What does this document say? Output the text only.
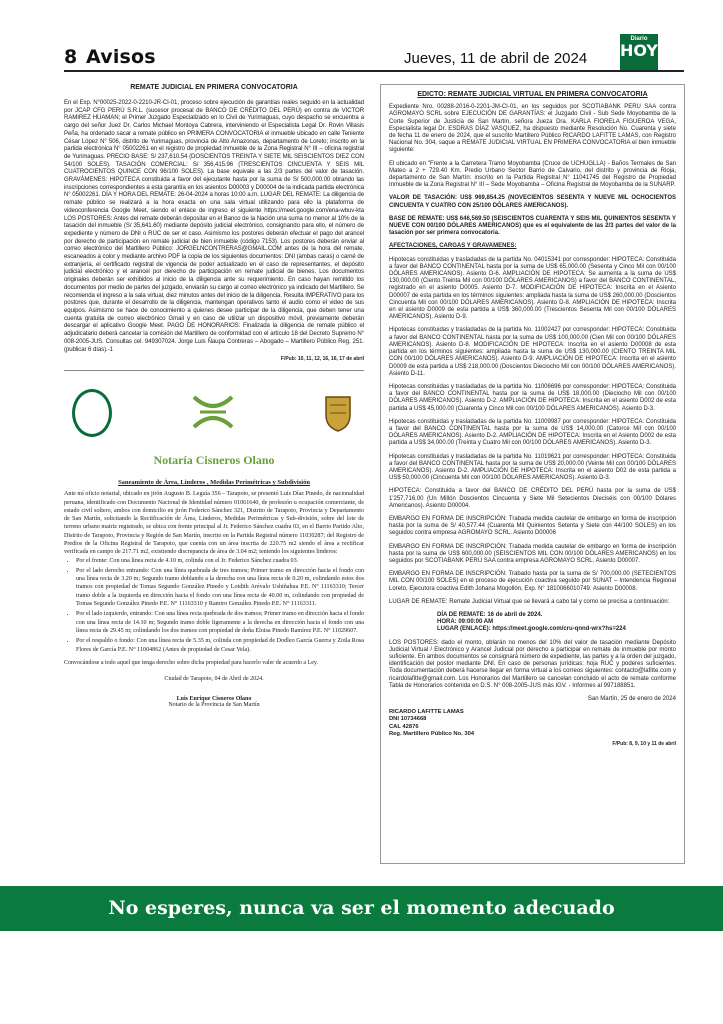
8 Avisos	Jueves, 11 de abril de 2024
Diario
HOY
REMATE JUDICIAL EN PRIMERA CONVOCATORIA
En el Exp. N°00025-2022-0-2210-JR-CI-01, proceso sobre ejecución de garantías reales seguido en la actualidad por JCAP CFG PERÚ S.R.L. (sucesor procesal de BANCO DE CRÉDITO DEL PERÚ) en contra de VICTOR RAMIREZ HUAMAN; el Primer Juzgado Especializado en lo Civil de Yurimaguas, cuyo despacho se encuentra a cargo del señor Juez Dr. Carlos Michael Montoya Cabrera, interviniendo el Especialista Legal Dr. Rovin Villasis Peña, ha ordenado sacar a remate público en PRIMERA CONVOCATORIA el inmueble ubicado en calle Teniente César López N° 506, distrito de Yurimaguas, provincia de Alto Amazonas, departamento de Loreto; inscrito en la partida electrónica N° 05002261 en el registro de propiedad inmueble de la Zona Registral N° III – oficina registral de Yurimaguas. PRECIO BASE: S/ 237,610.54 (DOSCIENTOS TREINTA Y SIETE MIL SEISCIENTOS DIEZ CON 54/100 SOLES). TASACIÓN COMERCIAL: S/ 356,415.96 (TRESCIENTOS CINCUENTA Y SEIS MIL CUATROCIENTOS QUINCE CON 96/100 SOLES). La base equivale a las 2/3 partes del valor de tasación. GRAVÁMENES: HIPOTECA constituida a favor del ejecutante hasta por la suma de S/ 500,000.00 obrando las inscripciones correspondientes a esta garantía en los asientos D00003 y D00004 de la indicada partida electrónica N° 05002261. DÍA Y HORA DEL REMATE: 26-04-2024 a horas 10:00 a.m. LUGAR DEL REMATE: La diligencia de remate público se realizará a la hora exacta en una sala virtual utilizando para ello la plataforma de videoconferencia Google Meet, siendo el enlace de ingreso el siguiente https://meet.google.com/ena-wbuv-kta LOS POSTORES: Antes del remate deberán depositar en el Banco de la Nación una suma no menor al 10% de la tasación del inmueble (S/ 35,641.60) mediante depósito judicial electrónico, consignando para ello, el número de expediente y número de DNI o RUC de ser el caso. Asimismo los postores deberán efectuar el pago del arancel por derecho de participación en remate judicial de bien inmueble (código 7153). Los postores deberán enviar al correo electrónico del Martillero Público: JORGELNCONTRERAS@GMAIL.COM antes de la hora del remate, escaneados a color y mediante archivo PDF la copia de los siguientes documentos: DNI (ambas caras) o carné de extranjería, el certificado registral de vigencia de poder actualizado en el caso de representantes, el depósito judicial electrónico y el arancel por derecho de participación en remate judicial de bienes. Los documentos originales deberán ser exhibidos al inicio de la diligencia ante su requerimiento. En caso hayan remitido los documentos por medio de partes del juzgado, enviarán su cargo al correo electrónico ya indicado del Martillero. Se recomienda el ingreso a la sala virtual, diez minutos antes del inicio de la diligencia. Resulta IMPERATIVO para los postores que, durante el desarrollo de la diligencia, mantengan operativos tanto el audio como el video de sus equipos. Asimismo se hace de conocimiento a quienes desee participar de la diligencia, que deben tener una cuenta gratuita de correo electrónico Gmail y en caso de utilizar un dispositivo móvil, previamente deberán descargar el aplicativo Google Meet. PAGO DE HONORARIOS: Finalizada la diligencia de remate público el adjudicatario deberá cancelar la comisión del Martillero de conformidad con el artículo 18 del Decreto Supremo N° 008-2005-JUS. Consultas cel. 949307024. Jorge Luis Ñaupa Contreras – Abogado – Martillero Público Reg. 251. (publicar 6 días).-1
F/Pub: 10, 11, 12, 16, 16, 17 de abril
Notaría Cisneros Olano
Saneamiento de Área, Linderos , Medidas Perimétricas y Subdivisión
Ante mí oficio notarial, ubicado en jirón Augusto B. Leguía 356 – Tarapoto, se presentó Luis Díaz Pinedo, de nacionalidad peruana, identificado con Documento Nacional de Identidad número 01061640, de profesión u ocupación comerciante, de estado civil soltero, ambos con domicilio en jirón Federico Sánchez 321, Distrito de Tarapoto, Provincia y Departamento de San Martín, solicitando la Rectificación de Área, Linderos, Medidas Perimétricas y Sub-división, sobre del lote de terreno urbano matriz registrado, se ubica con frente principal al Jr. Federico Sánchez cuadra 03, en el Barrio Partido Alto, Distrito de Tarapoto, Provincia y Región de San Martín, inscrito en la Partida Registral número 11030287; del Registro de Predios de la Oficina Registral de Tarapoto, que cuenta con un área inscrita de 220.75 m2 siendo el área a rectificar verificada en campo de 217.71 m2, existiendo discrepancia de área de 3.04 m2; teniendo los siguientes linderos:
• Por el frente: Con una línea recta de 4.10 m, colinda con el Jr. Federico Sánchez cuadra 03.
• Por el lado derecho entrando: Con una línea quebrada de tres tramos; Primer tramo en dirección hacia el fondo con una línea recta de 3.20 m; Segundo tramo doblando a la derecha con una línea recta de 0.20 m, colindando estos dos tramos con propiedad de Tomas Segundo González Pinedo y Loidith Arévalo Ushiñahua P.E. N° 11163310; Tercer tramo doble a la izquierda en dirección hacia el fondo con una línea recta de 40.00 m, colindando con propiedad de Tomas Segundo González Pinedo P.E. N° 11163310 y Ramiro González Pinedo P.E. N° 11163311.
• Por el lado izquierdo, entrando: Con una línea recta quebrada de dos tramos; Primer tramo en dirección hacia el fondo con una línea recta de 14.10 m; Segundo tramo doble ligeramente a la derecha en dirección hacia el fondo con una línea recta de 29.45 m; colindando los dos tramos con propiedad de doña Eloisa Pinedo Ramírez P.E. N° 11029607.
• Por el respaldo o fondo: Con una línea recta de 5.35 m, colinda con propiedad de Dodleo García Guerra y Zoila Rosa Flores de García P.E. N° 11004862 (Antes de propiedad de Cesar Vela).
Convocándose a todo aquel que tenga derecho sobre dicha propiedad para hacerlo valer de acuerdo a Ley.
Ciudad de Tarapoto, 04 de Abril de 2024.
Luis Enrique Cisneros Olano
Notario de la Provincia de San Martín
EDICTO: REMATE JUDICIAL VIRTUAL EN PRIMERA CONVOCATORIA
Expediente Nro. 00288-2016-0-2201-JM-CI-01, en los seguidos por SCOTIABANK PERU SAA contra AGROMAYO SCRL sobre EJECUCIÓN DE GARANTÍAS: el Juzgado Civil - Sub Sede Moyobamba de la Corte Superior de Justicia de San Martín, señora Jueza Dra. KARLA FIORELA FIGUEROA VEGA, Especialista legal Dr. ESDRAS DÍAZ VASQUEZ, ha dispuesto mediante Resolución No. Cuarenta y siete de fecha 11 de enero de 2024, que el suscrito Martillero Público RICARDO LAFITTE LAMAS, con Registro Nacional No. 304, saque a REMATE JUDICIAL VIRTUAL EN PRIMERA CONVOCATORIA el bien inmueble siguiente:
El ubicado en "Frente a la Carretera Tramo Moyobamba (Cruce de UCHUGLLA) - Baños Termales de San Mateo a 2 + 729.40 Km. Predio Urbano Sector Barrio de Calvario, del distrito y provincia de Rioja, departamento de San Martín: inscrito en la Partida Registral N° 11041745 del Registro de Propiedad Inmueble de la Zona Registral N° III – Sede Moyobamba – Oficina Registral de Moyobamba de la SUNARP.
VALOR DE TASACIÓN: US$ 969,854.25 (NOVECIENTOS SESENTA Y NUEVE MIL OCHOCIENTOS CINCUENTA Y CUATRO CON 25/100 DÓLARES AMERICANOS).
BASE DE REMATE: US$ 646,569.50 (SEISCIENTOS CUARENTA Y SEIS MIL QUINIENTOS SESENTA Y NUEVE CON 00/100 DÓLARES AMERICANOS) que es el equivalente de las 2/3 partes del valor de la tasación por ser primera convocatoria.
AFECTACIONES, CARGAS Y GRAVAMENES:
Hipotecas constituidas y trasladadas de la partida No. 04015341 por corresponder: HIPOTECA: Constituida a favor del BANCO CONTINENTAL hasta por la suma de US$ 65,000.00 (Sesenta y Cinco Mil con 00/100 DÓLARES AMERICANOS). Asiento D-6. AMPLIACIÓN DE HIPOTECA: Se aumenta a la suma de US$ 130,000.00 (Ciento Treinta Mil con 00/100 DÓLARES AMERICANOS) a favor del BANCO CONTINENTAL, registrado en el asiento D0005. Asiento D-7. MODIFICACIÓN DE HIPOTECA: Inscrita en el Asiento D00007 de esta partida en los términos siguientes: ampliada hasta la suma de US$ 260,000.00 (Doscientos Cincuenta Mil con 00/100 DÓLARES AMERICANOS). Asiento D-8. AMPLIACIÓN DE HIPOTECA: Inscrita en el asiento D0009 de esta partida a US$ 360,000.00 (Trescientos Sesenta Mil con 00/100 DÓLARES AMERICANOS). Asiento D-9.
Hipotecas constituidas y trasladadas de la partida No. 11002427 por corresponder: HIPOTECA: Constituida a favor del BANCO CONTINENTAL hasta por la suma de US$ 100,000.00 (Cien Mil con 00/100 DÓLARES AMERICANOS). Asiento D-8. MODIFICACIÓN DE HIPOTECA: Inscrita en el asiento D00008 de esta partida en los términos siguientes: ampliada hasta la suma de US$ 130,000.00 (CIENTO TREINTA MIL CON 00/100 DÓLARES AMERICANOS). Asiento D-9. AMPLIACIÓN DE HIPOTECA: Inscrita en el asiento D0009 de esta partida a US$ 218,000.00 (Doscientos Dieciocho Mil con 00/100 DÓLARES AMERICANOS). Asiento D-11.
Hipotecas constituidas y trasladadas de la partida No. 11006696 por corresponder: HIPOTECA: Constituida a favor del BANCO CONTINENTAL hasta por la suma de US$ 18,000.00 (Dieciocho Mil con 00/100 DÓLARES AMERICANOS). Asiento D-2. AMPLIACIÓN DE HIPOTECA: Inscrita en el asiento D002 de esta partida a US$ 45,000.00 (Cuarenta y Cinco Mil con 00/100 DÓLARES AMERICANOS). Asiento D-3.
Hipotecas constituidas y trasladadas de la partida No. 11009987 por corresponder: HIPOTECA: Constituida a favor del BANCO CONTINENTAL hasta por la suma de US$ 14,000.00 (Catorce Mil con 00/100 DÓLARES AMERICANOS). Asiento D-2. AMPLIACIÓN DE HIPOTECA: Inscrita en el Asiento D002 de esta partida a US$ 34,000.00 (Treinta y Cuatro Mil con 00/100 DÓLARES AMERICANOS). Asiento D-3.
Hipotecas constituidas y trasladadas de la partida No. 11019621 por corresponder: HIPOTECA: Constituida a favor del BANCO CONTINENTAL hasta por la suma de US$ 20,000.00 (Veinte Mil con 00/100 DÓLARES AMERICANOS). Asiento D-2. AMPLIACIÓN DE HIPOTECA: Inscrita en el asiento D02 de esta partida a US$ 50,000.00 (Cincuenta Mil con 00/100 DÓLARES AMERICANOS). Asiento D-3.
HIPOTECA: Constituida a favor del BANCO DE CRÉDITO DEL PERÚ hasta por la suma de US$ 1'257,716.00 (Un Millón Doscientos Cincuenta y Siete Mil Setecientos Dieciséis con 00/100 Dólares Americanos). Asiento D00004.
EMBARGO EN FORMA DE INSCRIPCIÓN: Trabada medida cautelar de embargo en forma de inscripción hasta por la suma de S/ 40,577.44 (Cuarenta Mil Quinientos Setenta y Siete con 44/100 SOLES) en los seguidos contra empresa AGROMAYO SCRL. Asiento D00006
EMBARGO EN FORMA DE INSCRIPCIÓN: Trabada medida cautelar de embargo en forma de inscripción hasta por la suma de US$ 600,000.00 (SEISCIENTOS MIL CON 00/100 DÓLARES AMERICANOS) en los seguidos por SCOTIABANK PERÚ SAA contra empresa AGROMAYO SCRL. Asiento D00007.
EMBARGO EN FORMA DE INSCRIPCIÓN: Trabado hasta por la suma de S/ 700,000.00 (SETECIENTOS MIL CON 00/100 SOLES) en el proceso de ejecución coactiva seguido por SUNAT – Intendencia Regional Loreto, Ejecutora coactiva Edith Johana Mogollón, Exp. N° 1810066010749. Asiento D00008.
LUGAR DE REMATE: Remate Judicial Virtual que se llevará a cabo tal y como se precisa a continuación:
DÍA DE REMATE: 16 de abril de 2024.
HORA: 09:00:00 AM
LUGAR (ENLACE): https://meet.google.com/cru-qnnd-wrx?hs=224
LOS POSTORES: dado el monto, oblarán no menos del 10% del valor de tasación mediante Depósito Judicial Virtual / Electrónico y Arancel Judicial por derecho a participar en remate de inmueble por monto suficiente. En ambos documentos se consignará número de expediente, las partes y a la orden del juzgado, identificación del postor mediante DNI. En caso de personas jurídicas: hoja RUC y poderes suficientes. Toda documentación deberá hacerse llegar en forma virtual a los correos siguientes: contacto@lafitte.com y ricardolafitte@gmail.com. Los Honorarios del Martillero se cancelan concluido el acto de remate conforme Tabla de Honorarios contenida en D.S. N° 008-2005-JUS más IGV. - Informes al 997188851.
San Martín, 25 de enero de 2024
RICARDO LAFITTE LAMAS
DNI 10734668
CAL 42876
Reg. Martillero Público No. 304
F/Pub: 8, 9, 10 y 11 de abril
No esperes, nunca va ser el momento adecuado
